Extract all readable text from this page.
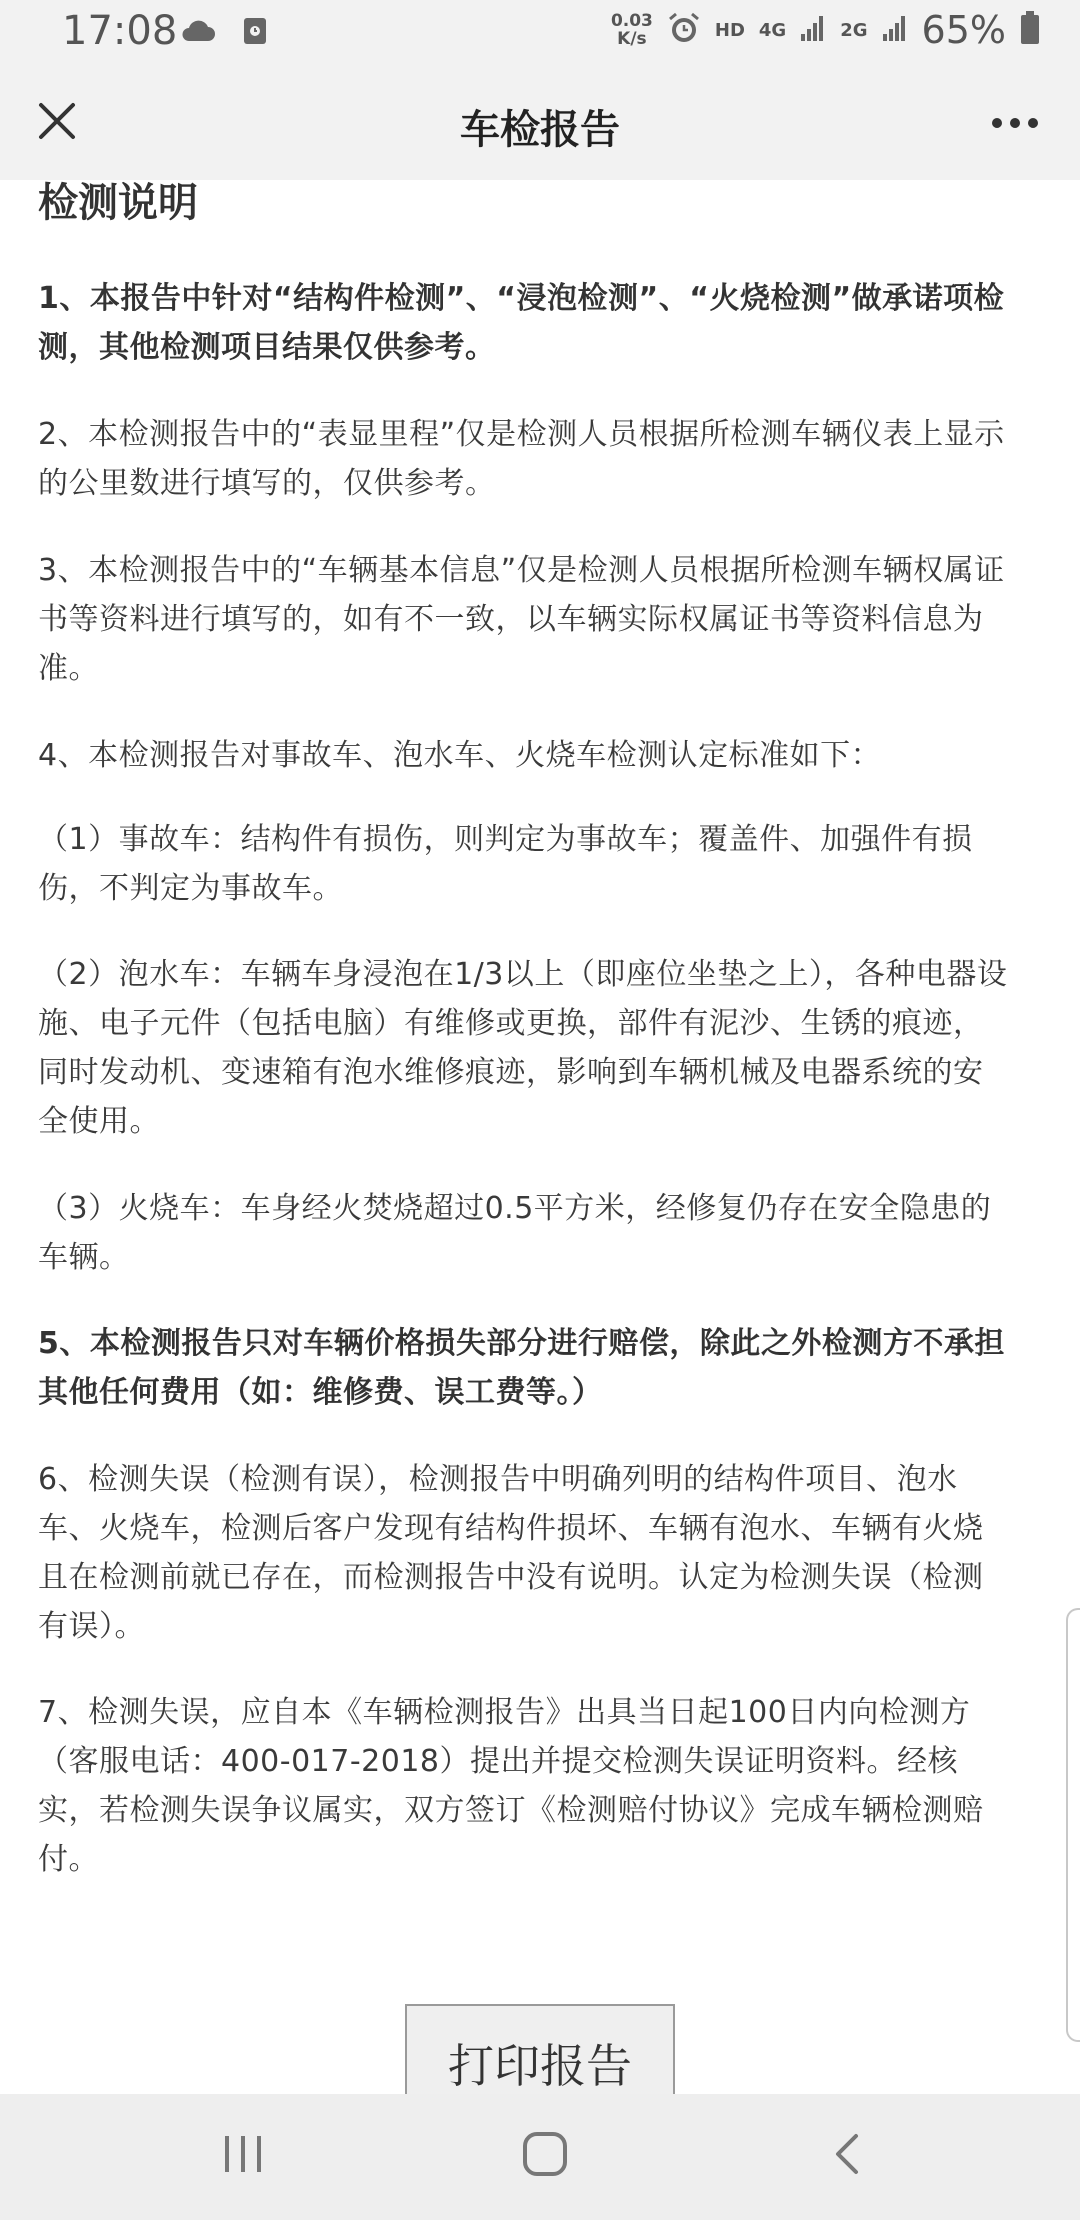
17:08	0.03
K/s	HD 4G	2G 65%
车检报告
检测说明

1、本报告中针对“结构件检测”、“浸泡检测”、“火烧检测”做承诺项检测，其他检测项目结果仅供参考。

2、本检测报告中的“表显里程”仅是检测人员根据所检测车辆仪表上显示的公里数进行填写的，仅供参考。

3、本检测报告中的“车辆基本信息”仅是检测人员根据所检测车辆权属证书等资料进行填写的，如有不一致，以车辆实际权属证书等资料信息为准。

4、本检测报告对事故车、泡水车、火烧车检测认定标准如下：

（1）事故车：结构件有损伤，则判定为事故车；覆盖件、加强件有损伤，不判定为事故车。

（2）泡水车：车辆车身浸泡在1/3以上（即座位坐垫之上），各种电器设施、电子元件（包括电脑）有维修或更换，部件有泥沙、生锈的痕迹，同时发动机、变速箱有泡水维修痕迹，影响到车辆机械及电器系统的安全使用。

（3）火烧车：车身经火焚烧超过0.5平方米，经修复仍存在安全隐患的车辆。

5、本检测报告只对车辆价格损失部分进行赔偿，除此之外检测方不承担其他任何费用（如：维修费、误工费等。）

6、检测失误（检测有误），检测报告中明确列明的结构件项目、泡水车、火烧车，检测后客户发现有结构件损坏、车辆有泡水、车辆有火烧且在检测前就已存在，而检测报告中没有说明。认定为检测失误（检测有误）。

7、检测失误，应自本《车辆检测报告》出具当日起100日内向检测方（客服电话：400-017-2018）提出并提交检测失误证明资料。经核实，若检测失误争议属实，双方签订《检测赔付协议》完成车辆检测赔付。

打印报告
